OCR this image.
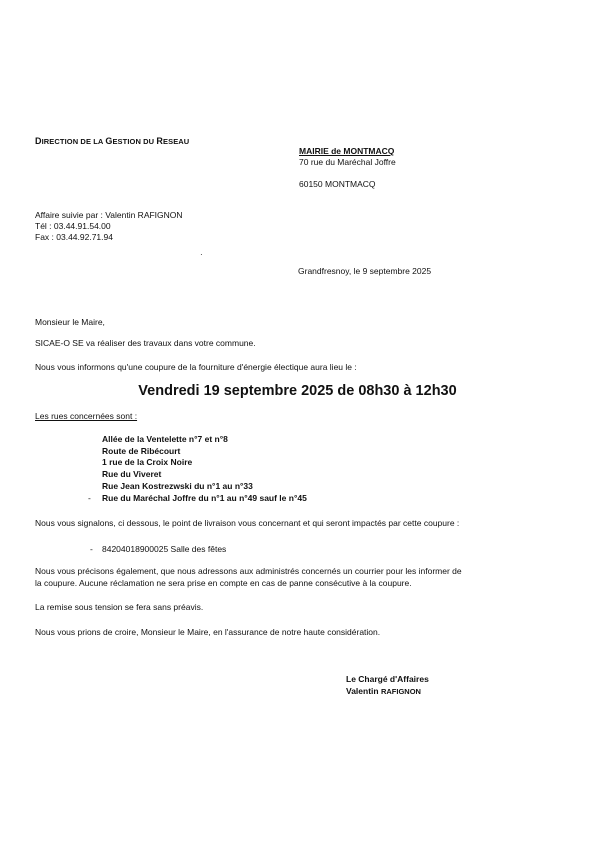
DIRECTION DE LA GESTION DU RESEAU
MAIRIE de MONTMACQ
70 rue du Maréchal Joffre
60150 MONTMACQ
Affaire suivie par : Valentin RAFIGNON
Tél : 03.44.91.54.00
Fax : 03.44.92.71.94
·
Grandfresnoy, le 9 septembre 2025
Monsieur le Maire,
SICAE-O SE va réaliser des travaux dans votre commune.
Nous vous informons qu'une coupure de la fourniture d'énergie électique aura lieu le :
Vendredi 19 septembre 2025 de 08h30 à 12h30
Les rues concernées sont :
Allée de la Ventelette n°7 et n°8
Route de Ribécourt
1 rue de la Croix Noire
Rue du Viveret
Rue Jean Kostrezwski du n°1 au n°33
- Rue du Maréchal Joffre du n°1 au n°49 sauf le n°45
Nous vous signalons, ci dessous, le point de livraison vous concernant et qui seront impactés par cette coupure :
- 84204018900025 Salle des fêtes
Nous vous précisons également, que nous adressons aux administrés concernés un courrier pour les informer de
la coupure. Aucune réclamation ne sera prise en compte en cas de panne consécutive à la coupure.
La remise sous tension se fera sans préavis.
Nous vous prions de croire, Monsieur le Maire, en l'assurance de notre haute considération.
Le Chargé d'Affaires
Valentin RAFIGNON
